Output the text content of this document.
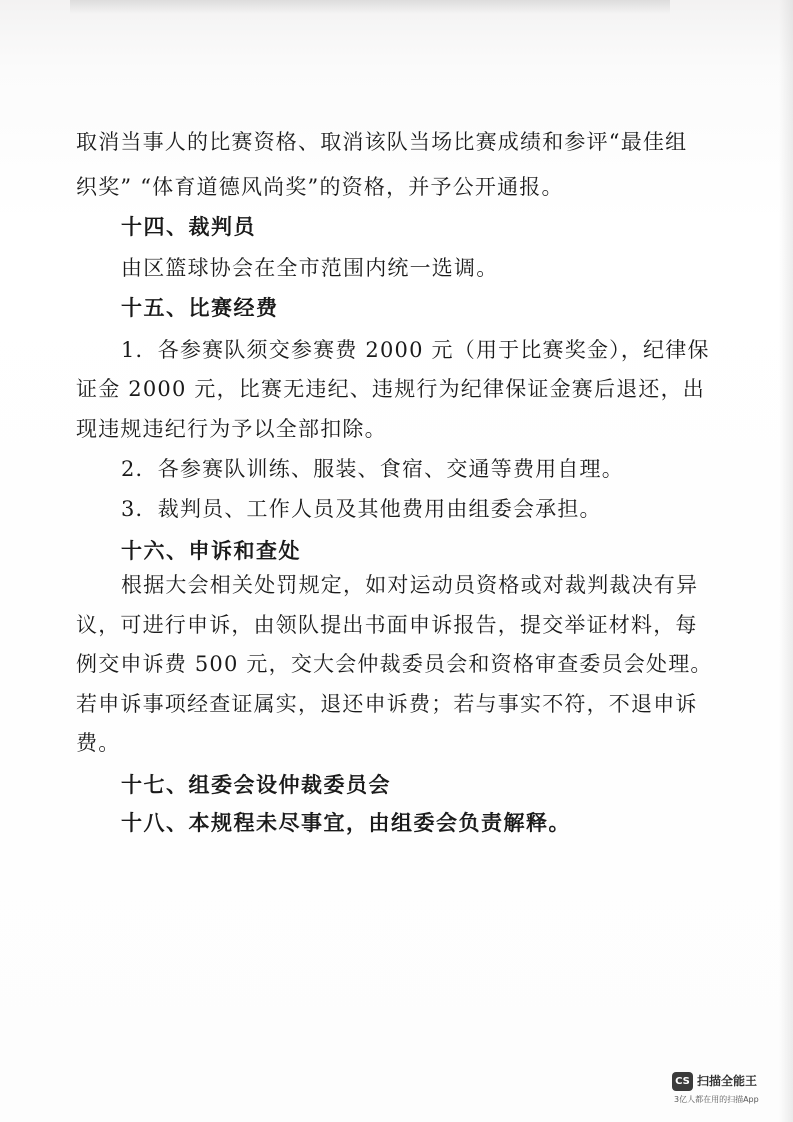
取消当事人的比赛资格、取消该队当场比赛成绩和参评“最佳组
织奖” “体育道德风尚奖”的资格，并予公开通报。
十四、裁判员
由区篮球协会在全市范围内统一选调。
十五、比赛经费
1．各参赛队须交参赛费 2000 元（用于比赛奖金），纪律保
证金 2000 元，比赛无违纪、违规行为纪律保证金赛后退还，出
现违规违纪行为予以全部扣除。
2．各参赛队训练、服装、食宿、交通等费用自理。
3．裁判员、工作人员及其他费用由组委会承担。
十六、申诉和查处
根据大会相关处罚规定，如对运动员资格或对裁判裁决有异
议，可进行申诉，由领队提出书面申诉报告，提交举证材料，每
例交申诉费 500 元，交大会仲裁委员会和资格审查委员会处理。
若申诉事项经查证属实，退还申诉费；若与事实不符，不退申诉
费。
十七、组委会设仲裁委员会
十八、本规程未尽事宜，由组委会负责解释。
CS 扫描全能王
3亿人都在用的扫描App
